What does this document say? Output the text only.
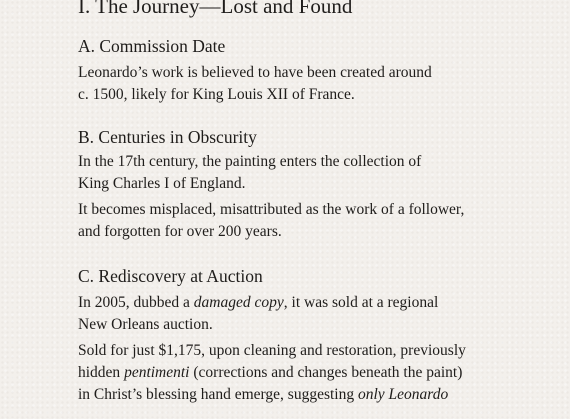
I. The Journey—Lost and Found
A. Commission Date

Leonardo’s work is believed to have been created around
c. 1500, likely for King Louis XII of France.

B. Centuries in Obscurity

In the 17th century, the painting enters the collection of
King Charles I of England.

It becomes misplaced, misattributed as the work of a follower,
and forgotten for over 200 years.

C. Rediscovery at Auction

In 2005, dubbed a damaged copy, it was sold at a regional
New Orleans auction.

Sold for just $1,175, upon cleaning and restoration, previously
hidden pentimenti (corrections and changes beneath the paint)
in Christ’s blessing hand emerge, suggesting only Leonardo
